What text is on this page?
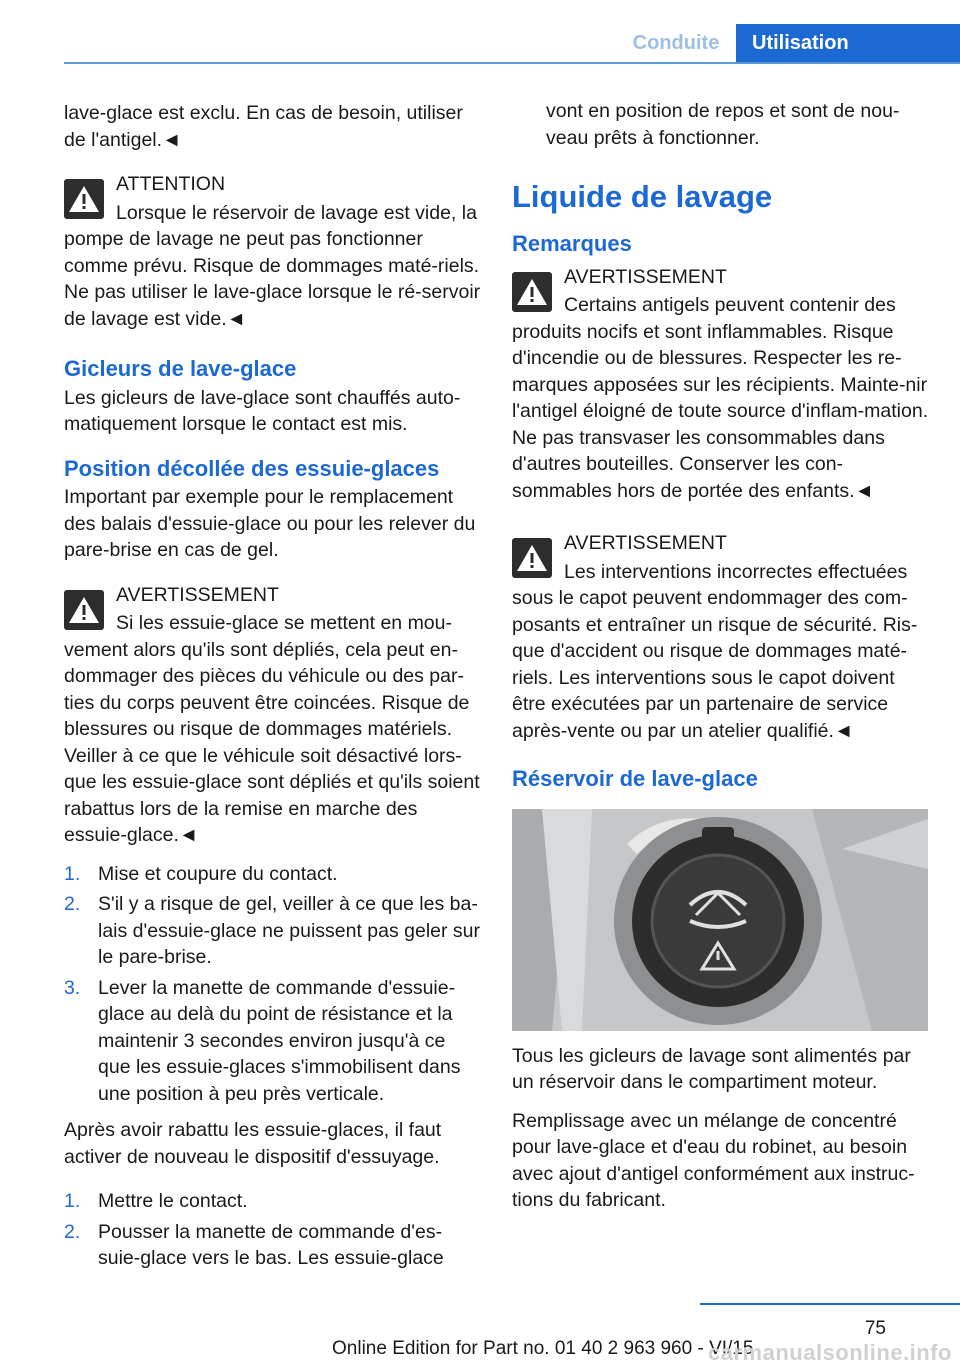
Conduite	Utilisation

lave-glace est exclu. En cas de besoin, utiliser de l'antigel.◄

ATTENTION
Lorsque le réservoir de lavage est vide, la pompe de lavage ne peut pas fonctionner comme prévu. Risque de dommages maté-riels. Ne pas utiliser le lave-glace lorsque le ré-servoir de lavage est vide.◄
Gicleurs de lave-glace

Les gicleurs de lave-glace sont chauffés auto-matiquement lorsque le contact est mis.

Position décollée des essuie-glaces

Important par exemple pour le remplacement des balais d'essuie-glace ou pour les relever du pare-brise en cas de gel.

AVERTISSEMENT
Si les essuie-glace se mettent en mou-vement alors qu'ils sont dépliés, cela peut en-dommager des pièces du véhicule ou des par-ties du corps peuvent être coincées. Risque de blessures ou risque de dommages matériels. Veiller à ce que le véhicule soit désactivé lors-que les essuie-glace sont dépliés et qu'ils soient rabattus lors de la remise en marche des essuie-glace.◄
1. Mise et coupure du contact.
2. S'il y a risque de gel, veiller à ce que les ba-lais d'essuie-glace ne puissent pas geler sur le pare-brise.
3. Lever la manette de commande d'essuie-glace au delà du point de résistance et la maintenir 3 secondes environ jusqu'à ce que les essuie-glaces s'immobilisent dans une position à peu près verticale.

Après avoir rabattu les essuie-glaces, il faut activer de nouveau le dispositif d'essuyage.

1. Mettre le contact.
2. Pousser la manette de commande d'es-suie-glace vers le bas. Les essuie-glace

vont en position de repos et sont de nou-veau prêts à fonctionner.

Liquide de lavage
Remarques
AVERTISSEMENT
Certains antigels peuvent contenir des produits nocifs et sont inflammables. Risque d'incendie ou de blessures. Respecter les re-marques apposées sur les récipients. Mainte-nir l'antigel éloigné de toute source d'inflam-mation. Ne pas transvaser les consommables dans d'autres bouteilles. Conserver les con-sommables hors de portée des enfants.◄
AVERTISSEMENT
Les interventions incorrectes effectuées sous le capot peuvent endommager des com-posants et entraîner un risque de sécurité. Ris-que d'accident ou risque de dommages maté-riels. Les interventions sous le capot doivent être exécutées par un partenaire de service après-vente ou par un atelier qualifié.◄
Réservoir de lave-glace

Tous les gicleurs de lavage sont alimentés par un réservoir dans le compartiment moteur.

Remplissage avec un mélange de concentré pour lave-glace et d'eau du robinet, au besoin avec ajout d'antigel conformément aux instruc-tions du fabricant.

75
Online Edition for Part no. 01 40 2 963 960 - VI/15
carmanualsonline.info
